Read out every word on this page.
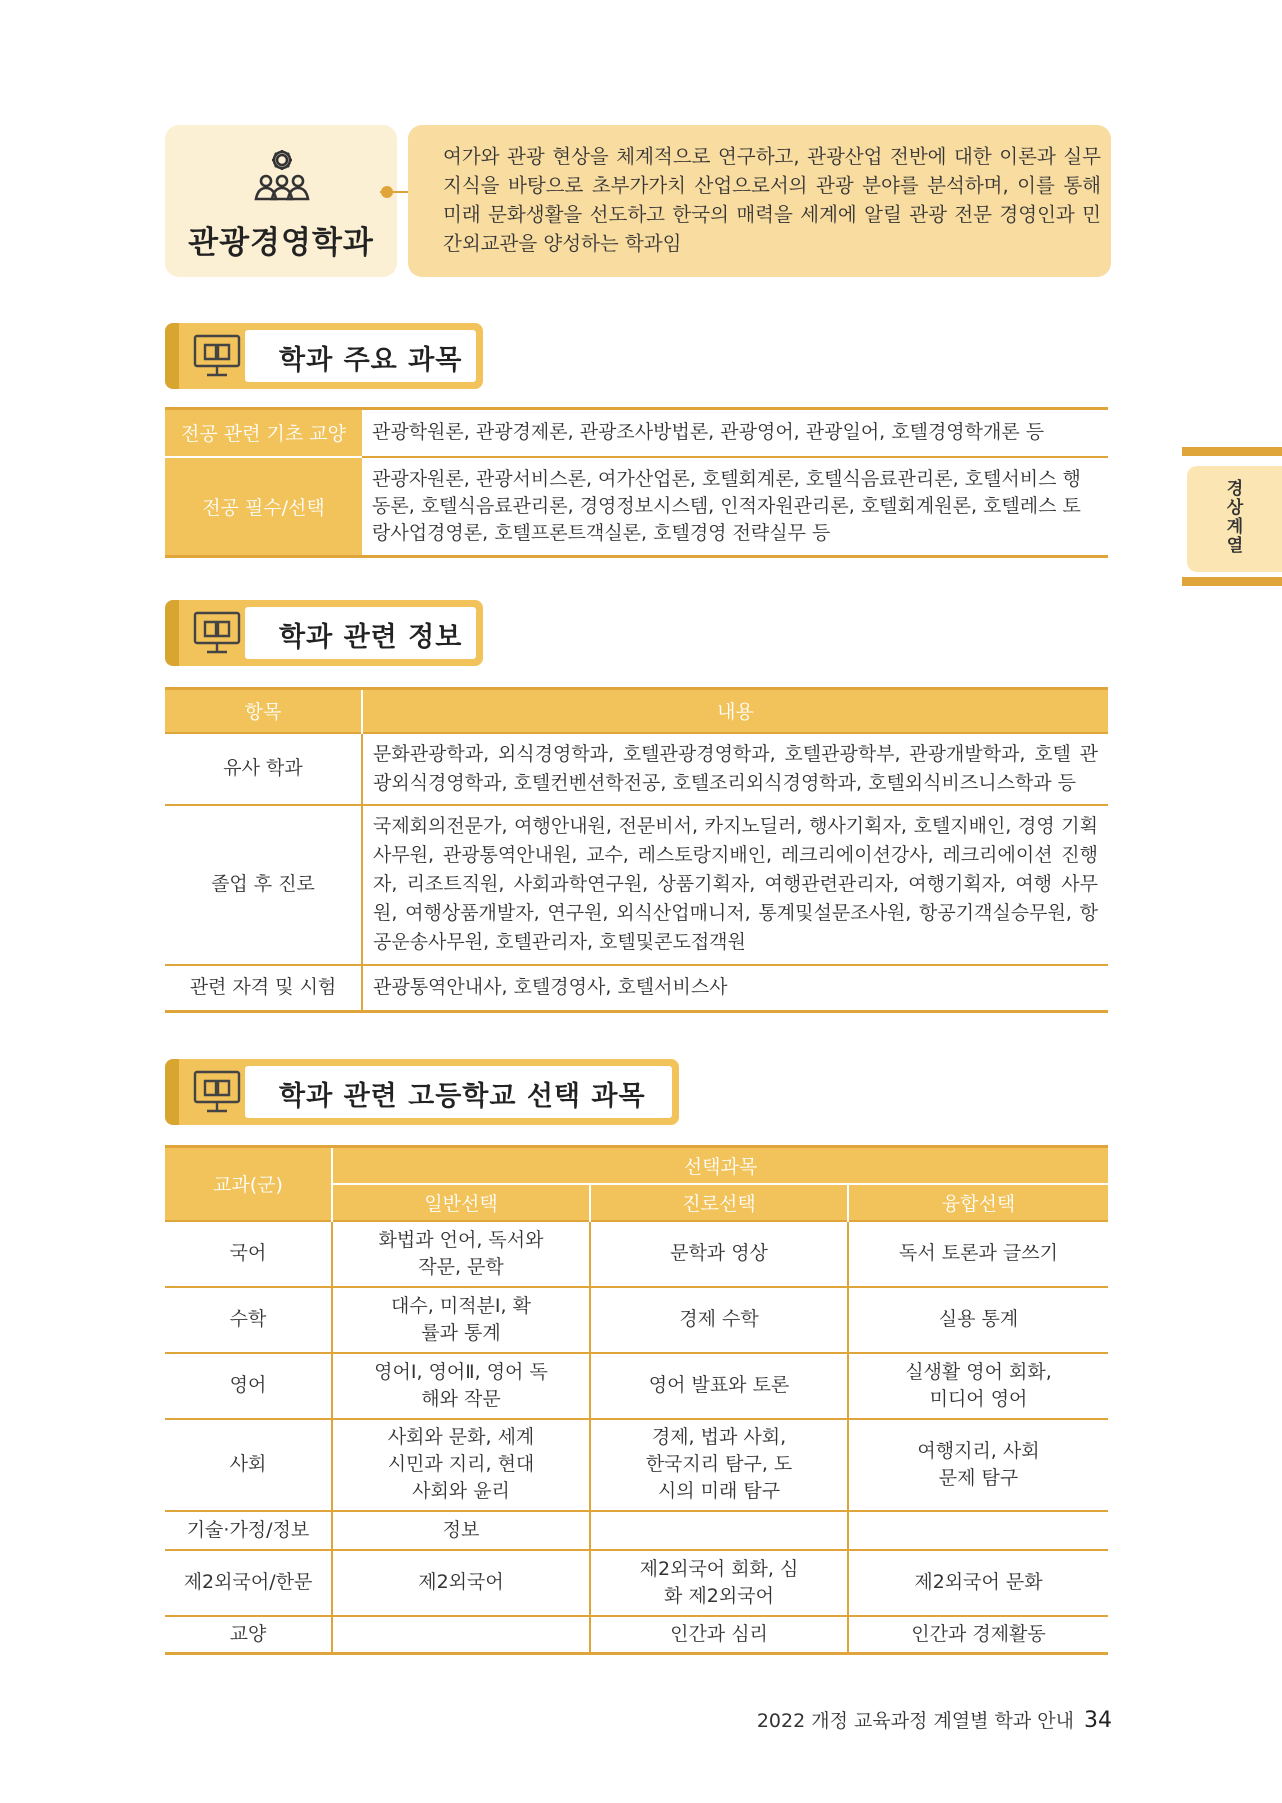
관광경영학과
여가와 관광 현상을 체계적으로 연구하고, 관광산업 전반에 대한 이론과 실무 지식을 바탕으로 초부가가치 산업으로서의 관광 분야를 분석하며, 이를 통해 미래 문화생활을 선도하고 한국의 매력을 세계에 알릴 관광 전문 경영인과 민간외교관을 양성하는 학과임
경상계열
학과 주요 과목
전공 관련 기초 교양	관광학원론, 관광경제론, 관광조사방법론, 관광영어, 관광일어, 호텔경영학개론 등
전공 필수/선택	관광자원론, 관광서비스론, 여가산업론, 호텔회계론, 호텔식음료관리론, 호텔서비스 행동론, 호텔식음료관리론, 경영정보시스템, 인적자원관리론, 호텔회계원론, 호텔레스 토랑사업경영론, 호텔프론트객실론, 호텔경영 전략실무 등
학과 관련 정보
항목	내용
유사 학과	문화관광학과, 외식경영학과, 호텔관광경영학과, 호텔관광학부, 관광개발학과, 호텔 관광외식경영학과, 호텔컨벤션학전공, 호텔조리외식경영학과, 호텔외식비즈니스학과 등
졸업 후 진로	국제회의전문가, 여행안내원, 전문비서, 카지노딜러, 행사기획자, 호텔지배인, 경영 기획사무원, 관광통역안내원, 교수, 레스토랑지배인, 레크리에이션강사, 레크리에이션 진행자, 리조트직원, 사회과학연구원, 상품기획자, 여행관련관리자, 여행기획자, 여행 사무원, 여행상품개발자, 연구원, 외식산업매니저, 통계및설문조사원, 항공기객실승무원, 항공운송사무원, 호텔관리자, 호텔및콘도접객원
관련 자격 및 시험	관광통역안내사, 호텔경영사, 호텔서비스사
학과 관련 고등학교 선택 과목
교과(군)	선택과목		
	일반선택	진로선택	융합선택
국어	화법과 언어, 독서와 작문, 문학	문학과 영상	독서 토론과 글쓰기
수학	대수, 미적분Ⅰ, 확률과 통계	경제 수학	실용 통계
영어	영어Ⅰ, 영어Ⅱ, 영어 독해와 작문	영어 발표와 토론	실생활 영어 회화, 미디어 영어
사회	사회와 문화, 세계시민과 지리, 현대사회와 윤리	경제, 법과 사회, 한국지리 탐구, 도시의 미래 탐구	여행지리, 사회문제 탐구
기술·가정/정보	정보		
제2외국어/한문	제2외국어	제2외국어 회화, 심화 제2외국어	제2외국어 문화
교양		인간과 심리	인간과 경제활동
2022 개정 교육과정 계열별 학과 안내 34
